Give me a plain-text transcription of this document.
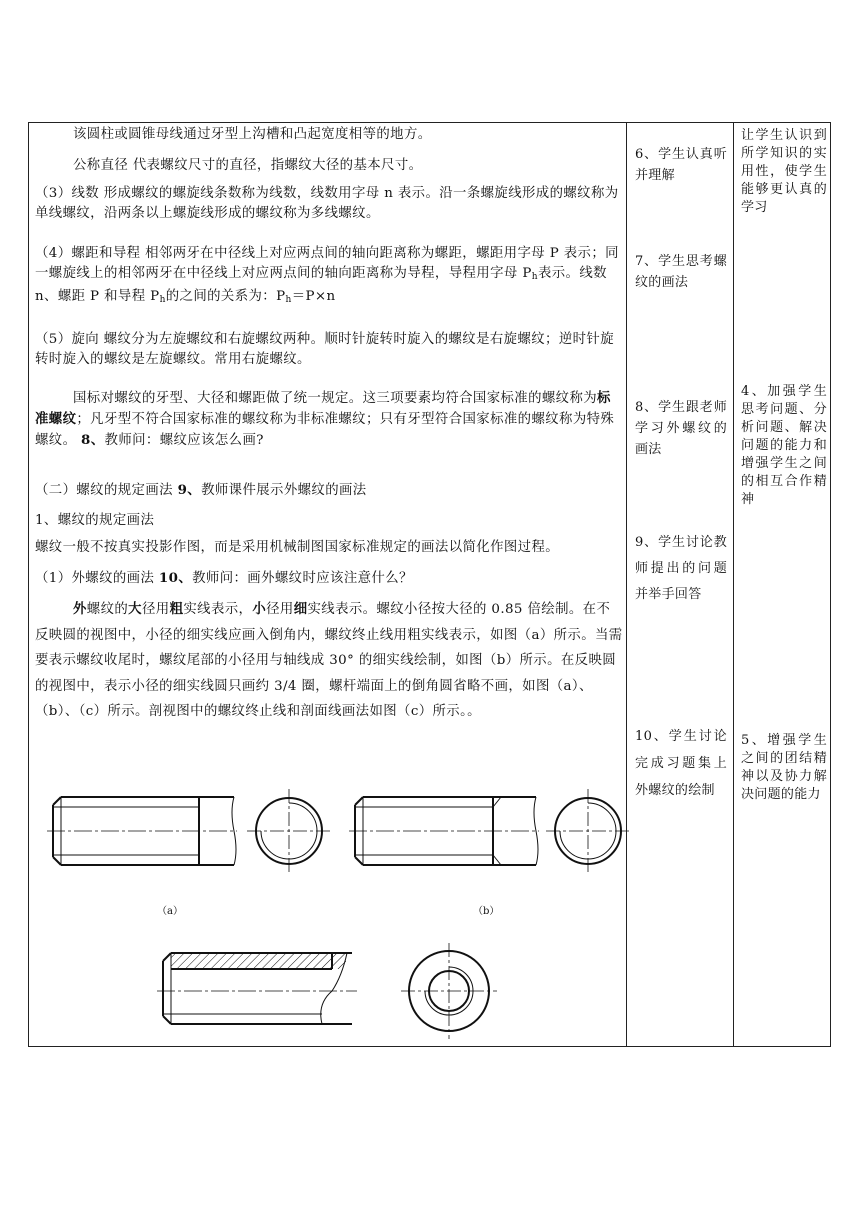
该圆柱或圆锥母线通过牙型上沟槽和凸起宽度相等的地方。

公称直径 代表螺纹尺寸的直径，指螺纹大径的基本尺寸。

（3）线数 形成螺纹的螺旋线条数称为线数，线数用字母 n 表示。沿一条螺旋线形成的螺纹称为单线螺纹，沿两条以上螺旋线形成的螺纹称为多线螺纹。

（4）螺距和导程 相邻两牙在中径线上对应两点间的轴向距离称为螺距，螺距用字母 P 表示；同一螺旋线上的相邻两牙在中径线上对应两点间的轴向距离称为导程，导程用字母 $P_h$表示。线数 n、螺距 P 和导程 $P_h$的之间的关系为：$P_h=P\times n$

（5）旋向 螺纹分为左旋螺纹和右旋螺纹两种。顺时针旋转时旋入的螺纹是右旋螺纹；逆时针旋转时旋入的螺纹是左旋螺纹。常用右旋螺纹。

国标对螺纹的牙型、大径和螺距做了统一规定。这三项要素均符合国家标准的螺纹称为标准螺纹；凡牙型不符合国家标准的螺纹称为非标准螺纹；只有牙型符合国家标准的螺纹称为特殊螺纹。 8、教师问：螺纹应该怎么画?

（二）螺纹的规定画法 9、教师课件展示外螺纹的画法

1、螺纹的规定画法

螺纹一般不按真实投影作图，而是采用机械制图国家标准规定的画法以简化作图过程。

（1）外螺纹的画法 10、教师问：画外螺纹时应该注意什么？

外螺纹的大径用粗实线表示，小径用细实线表示。螺纹小径按大径的 0.85 倍绘制。在不反映圆的视图中，小径的细实线应画入倒角内，螺纹终止线用粗实线表示，如图（a）所示。当需要表示螺纹收尾时，螺纹尾部的小径用与轴线成 30° 的细实线绘制，如图（b）所示。在反映圆的视图中，表示小径的细实线圆只画约 3/4 圈，螺杆端面上的倒角圆省略不画，如图（a）、（b）、（c）所示。剖视图中的螺纹终止线和剖面线画法如图（c）所示。。

（a）	（b）

6、学生认真听并理解

7、学生思考螺纹的画法

8、学生跟老师学习外螺纹的画法

9、学生讨论教师提出的问题并举手回答

10、学生讨论完成习题集上外螺纹的绘制

让学生认识到所学知识的实用性，使学生能够更认真的学习

4、加强学生思考问题、分析问题、解决问题的能力和增强学生之间的相互合作精神

5、增强学生之间的团结精神以及协力解决问题的能力
